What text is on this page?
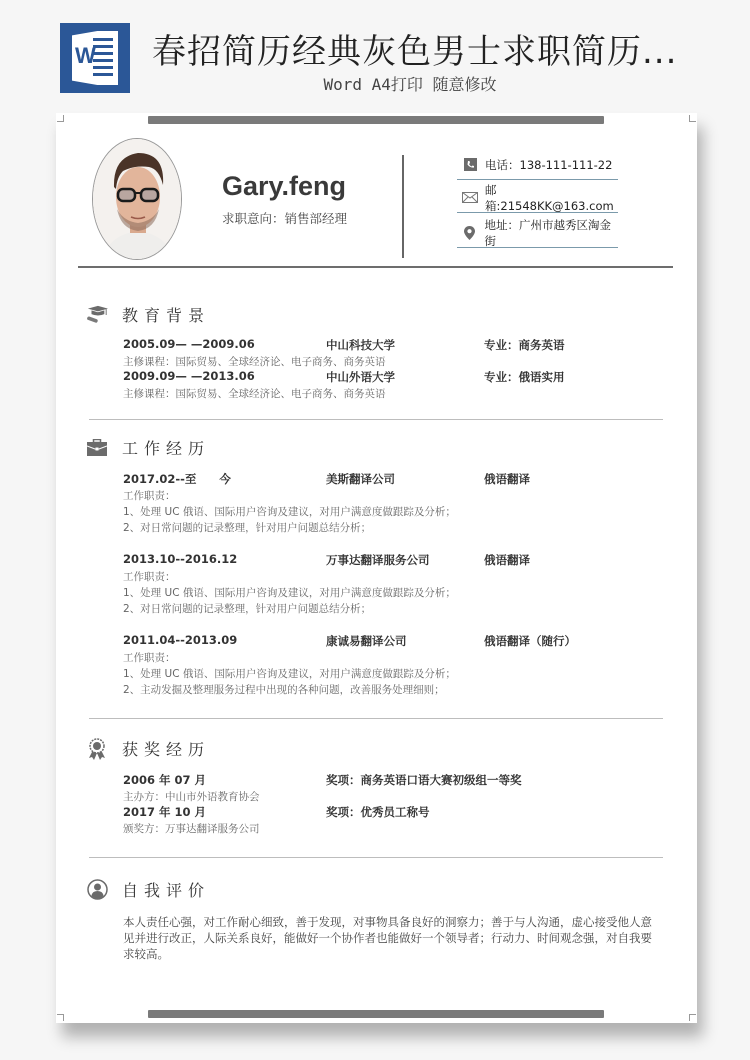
W 春招简历经典灰色男士求职简历...
Word A4打印 随意修改
Gary.feng
求职意向：销售部经理
电话：138-111-111-22
邮箱:21548KK@163.com
地址：广州市越秀区淘金街
教育背景
2005.09— —2009.06	中山科技大学	专业：商务英语
主修课程：国际贸易、全球经济论、电子商务、商务英语
2009.09— —2013.06	中山外语大学	专业：俄语实用
主修课程：国际贸易、全球经济论、电子商务、商务英语
工作经历
2017.02--至　　今	美斯翻译公司	俄语翻译
工作职责：
1、处理 UC 俄语、国际用户咨询及建议，对用户满意度做跟踪及分析；
2、对日常问题的记录整理，针对用户问题总结分析；
2013.10--2016.12	万事达翻译服务公司	俄语翻译
工作职责：
1、处理 UC 俄语、国际用户咨询及建议，对用户满意度做跟踪及分析；
2、对日常问题的记录整理，针对用户问题总结分析；
2011.04--2013.09	康诚易翻译公司	俄语翻译（随行）
工作职责：
1、处理 UC 俄语、国际用户咨询及建议，对用户满意度做跟踪及分析；
2、主动发掘及整理服务过程中出现的各种问题，改善服务处理细则；
获奖经历
2006 年 07 月	奖项：商务英语口语大赛初级组一等奖
主办方：中山市外语教育协会
2017 年 10 月	奖项：优秀员工称号
颁奖方：万事达翻译服务公司
自我评价
本人责任心强，对工作耐心细致，善于发现，对事物具备良好的洞察力；善于与人沟通，虚心接受他人意见并进行改正，人际关系良好，能做好一个协作者也能做好一个领导者；行动力、时间观念强，对自我要求较高。
